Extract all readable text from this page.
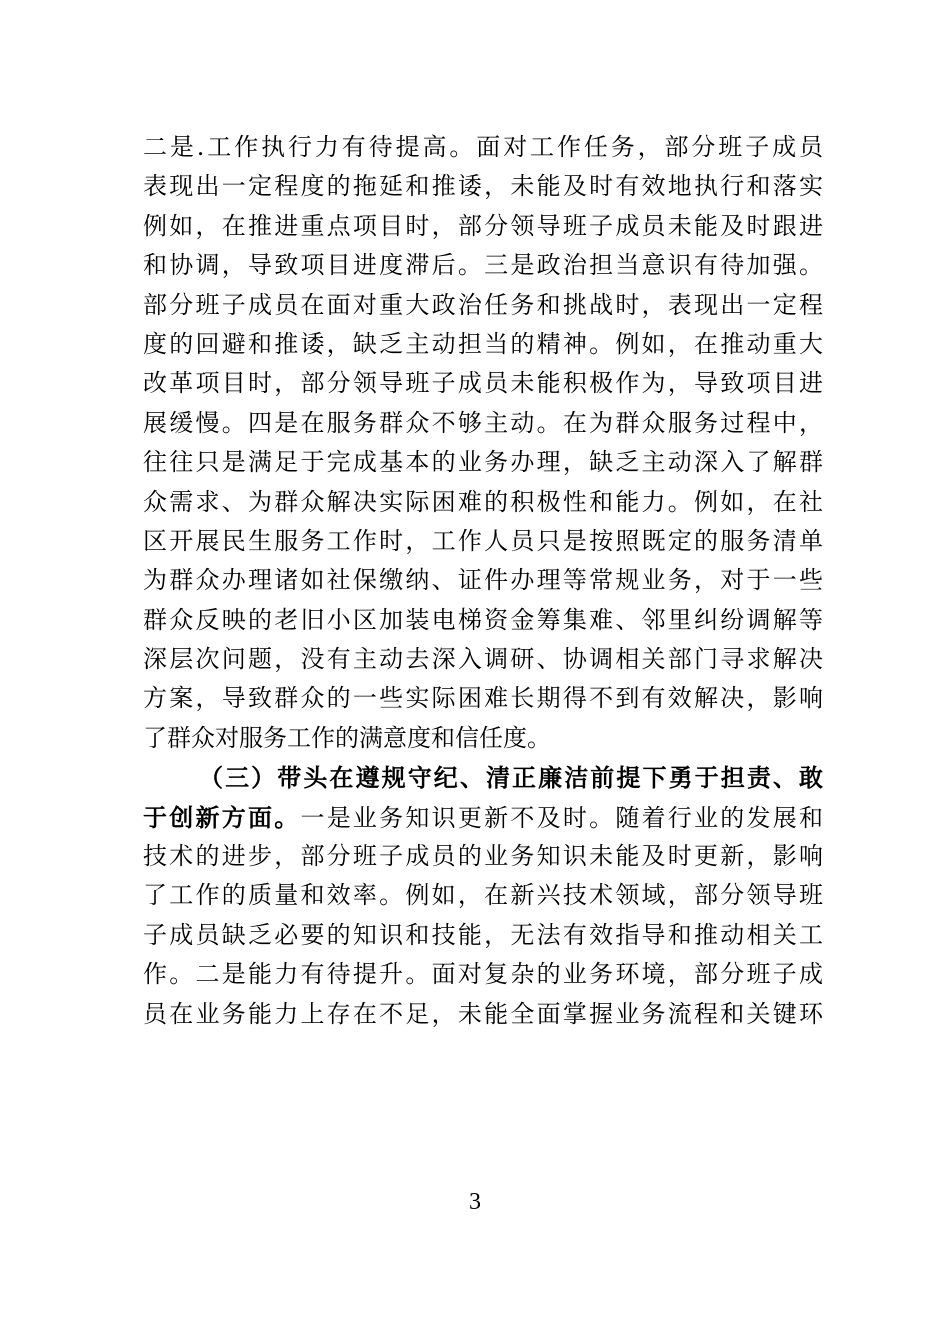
二是.工作执行力有待提高。面对工作任务，部分班子成员
表现出一定程度的拖延和推诿，未能及时有效地执行和落实
例如，在推进重点项目时，部分领导班子成员未能及时跟进
和协调，导致项目进度滞后。三是政治担当意识有待加强。
部分班子成员在面对重大政治任务和挑战时，表现出一定程
度的回避和推诿，缺乏主动担当的精神。例如，在推动重大
改革项目时，部分领导班子成员未能积极作为，导致项目进
展缓慢。四是在服务群众不够主动。在为群众服务过程中，
往往只是满足于完成基本的业务办理，缺乏主动深入了解群
众需求、为群众解决实际困难的积极性和能力。例如，在社
区开展民生服务工作时，工作人员只是按照既定的服务清单
为群众办理诸如社保缴纳、证件办理等常规业务，对于一些
群众反映的老旧小区加装电梯资金筹集难、邻里纠纷调解等
深层次问题，没有主动去深入调研、协调相关部门寻求解决
方案，导致群众的一些实际困难长期得不到有效解决，影响
了群众对服务工作的满意度和信任度。
（三）带头在遵规守纪、清正廉洁前提下勇于担责、敢
于创新方面。一是业务知识更新不及时。随着行业的发展和
技术的进步，部分班子成员的业务知识未能及时更新，影响
了工作的质量和效率。例如，在新兴技术领域，部分领导班
子成员缺乏必要的知识和技能，无法有效指导和推动相关工
作。二是能力有待提升。面对复杂的业务环境，部分班子成
员在业务能力上存在不足，未能全面掌握业务流程和关键环
3
